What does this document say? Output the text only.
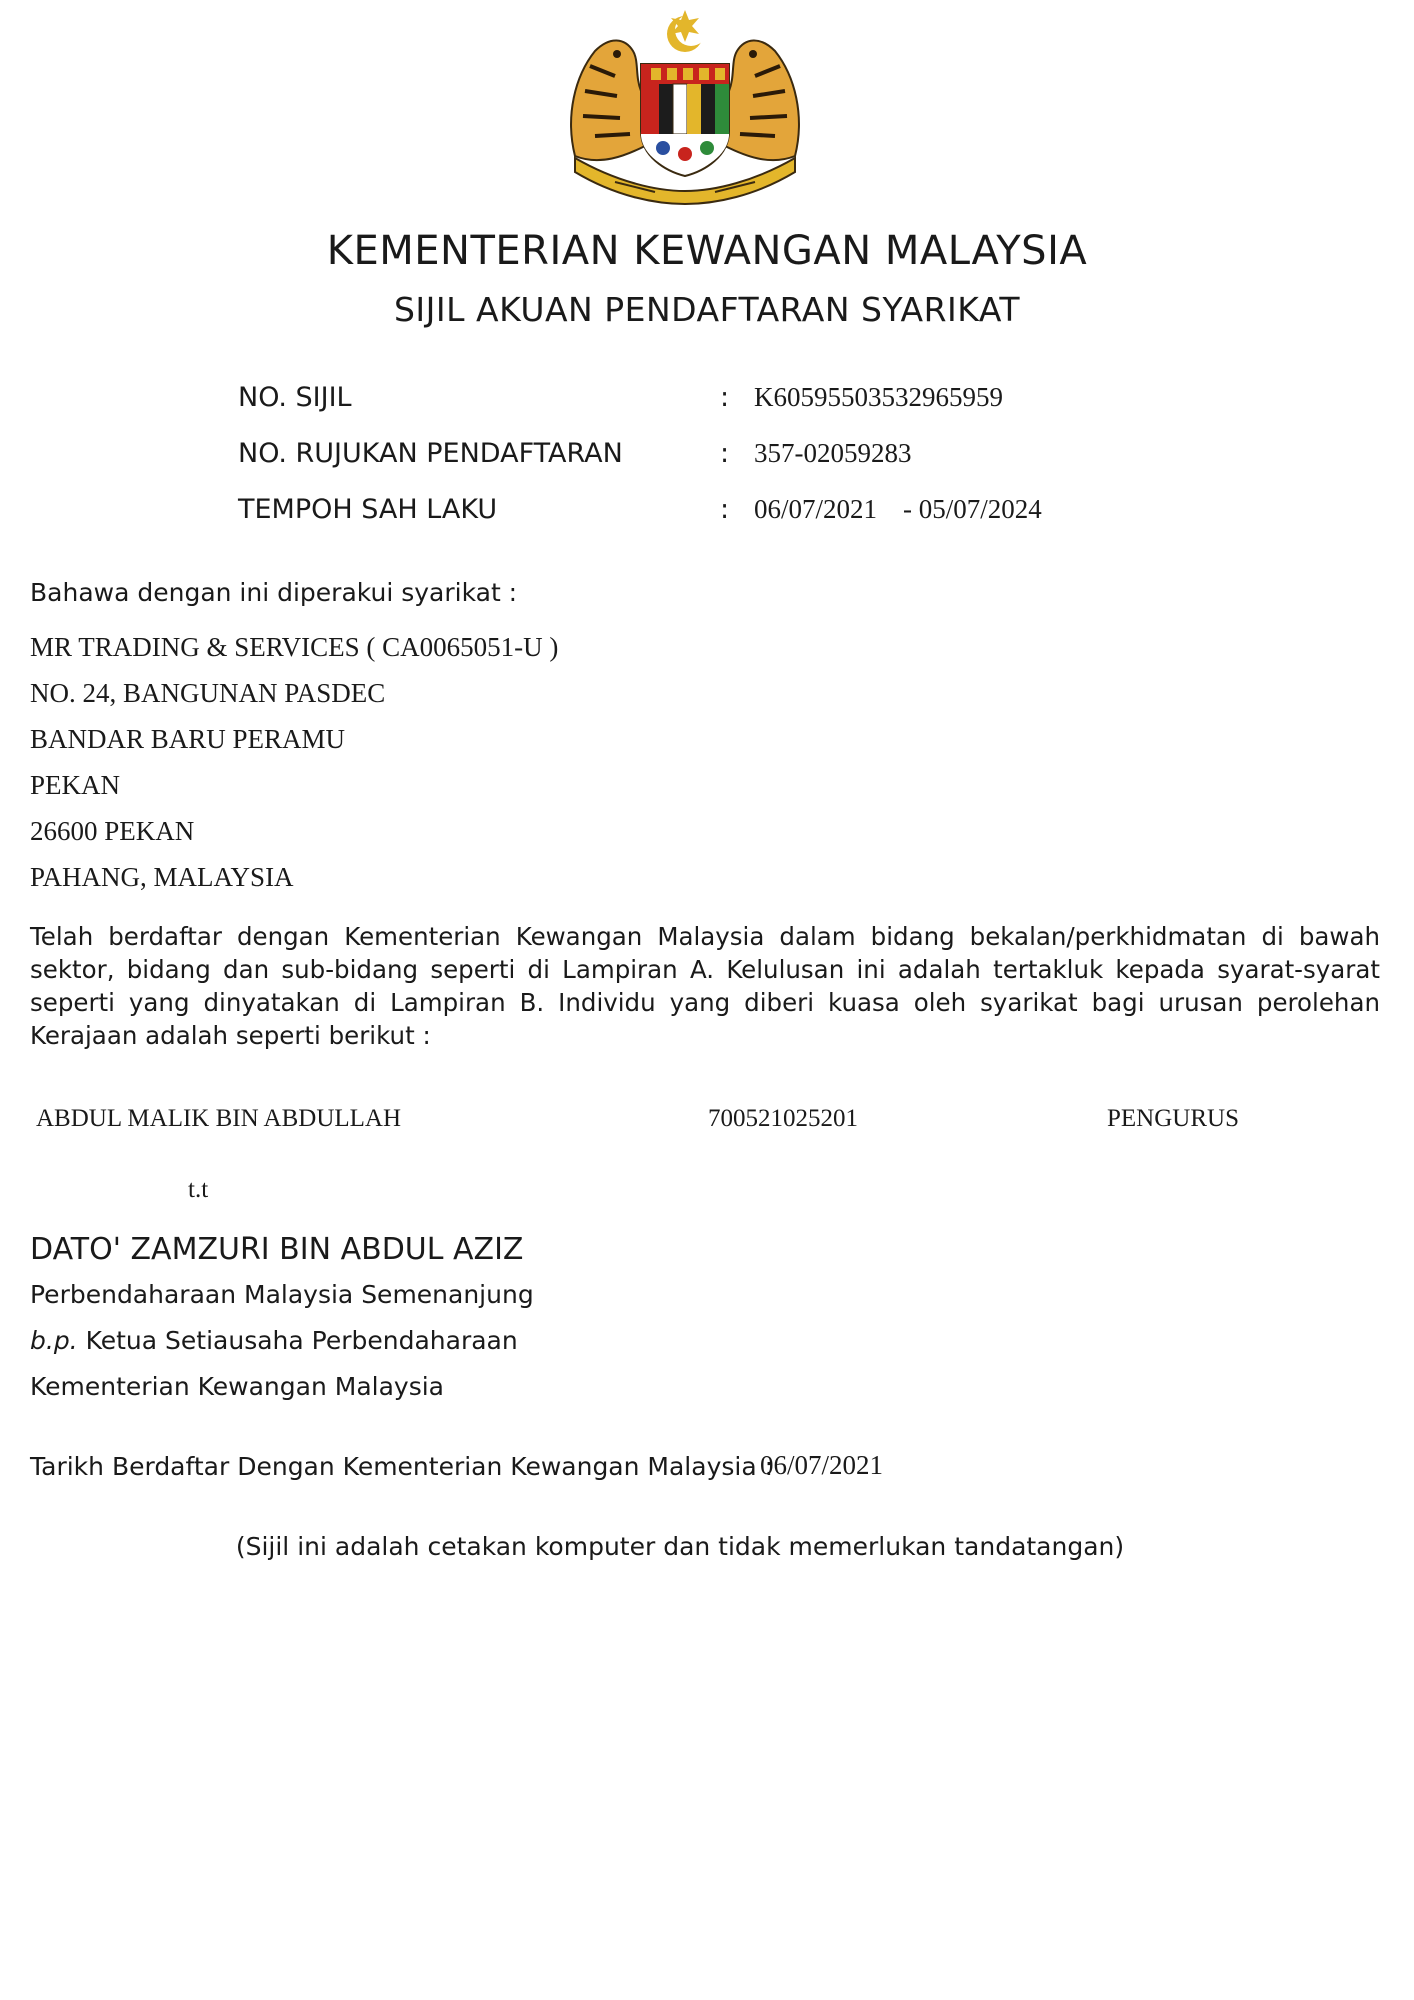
KEMENTERIAN KEWANGAN MALAYSIA
SIJIL AKUAN PENDAFTARAN SYARIKAT
NO. SIJIL	: K60595503532965959
NO. RUJUKAN PENDAFTARAN	: 357-02059283
TEMPOH SAH LAKU	: 06/07/2021 - 05/07/2024

Bahawa dengan ini diperakui syarikat :

MR TRADING & SERVICES ( CA0065051-U )

NO. 24, BANGUNAN PASDEC

BANDAR BARU PERAMU

PEKAN

26600 PEKAN

PAHANG, MALAYSIA

Telah berdaftar dengan Kementerian Kewangan Malaysia dalam bidang bekalan/perkhidmatan di bawah sektor, bidang dan sub-bidang seperti di Lampiran A. Kelulusan ini adalah tertakluk kepada syarat-syarat seperti yang dinyatakan di Lampiran B. Individu yang diberi kuasa oleh syarikat bagi urusan perolehan Kerajaan adalah seperti berikut :

ABDUL MALIK BIN ABDULLAH	700521025201	PENGURUS
t.t

DATO' ZAMZURI BIN ABDUL AZIZ

Perbendaharaan Malaysia Semenanjung

b.p. Ketua Setiausaha Perbendaharaan

Kementerian Kewangan Malaysia

Tarikh Berdaftar Dengan Kementerian Kewangan Malaysia :

06/07/2021
(Sijil ini adalah cetakan komputer dan tidak memerlukan tandatangan)
